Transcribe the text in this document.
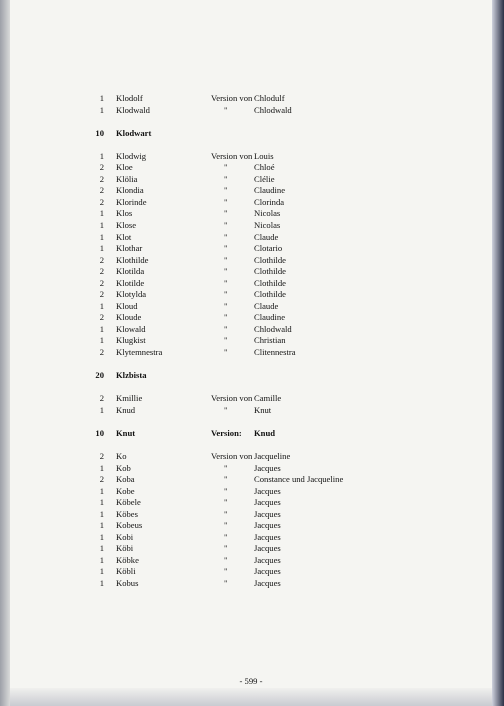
1 Klodolf	Version von Chlodulf
1 Klodwald	"	Chlodwald
10 Klodwart
1 Klodwig	Version von Louis
2 Kloe	"	Chloé
2 Klölia	"	Clélie
2 Klondia	"	Claudine
2 Klorinde	"	Clorinda
1 Klos	"	Nicolas
1 Klose	"	Nicolas
1 Klot	"	Claude
1 Klothar	"	Clotario
2 Klothilde	"	Clothilde
2 Klotilda	"	Clothilde
2 Klotilde	"	Clothilde
2 Klotylda	"	Clothilde
1 Kloud	"	Claude
2 Kloude	"	Claudine
1 Klowald	"	Chlodwald
1 Klugkist	"	Christian
2 Klytemnestra	"	Clitennestra
20 Klzbista
2 Kmillie	Version von Camille
1 Knud	"	Knut
10 Knut	Version: Knud
2 Ko	Version von Jacqueline
1 Kob	"	Jacques
2 Koba	"	Constance und Jacqueline
1 Kobe	"	Jacques
1 Köbele	"	Jacques
1 Köbes	"	Jacques
1 Kobeus	"	Jacques
1 Kobi	"	Jacques
1 Köbi	"	Jacques
1 Köbke	"	Jacques
1 Köbli	"	Jacques
1 Kobus	"	Jacques
- 599 -
